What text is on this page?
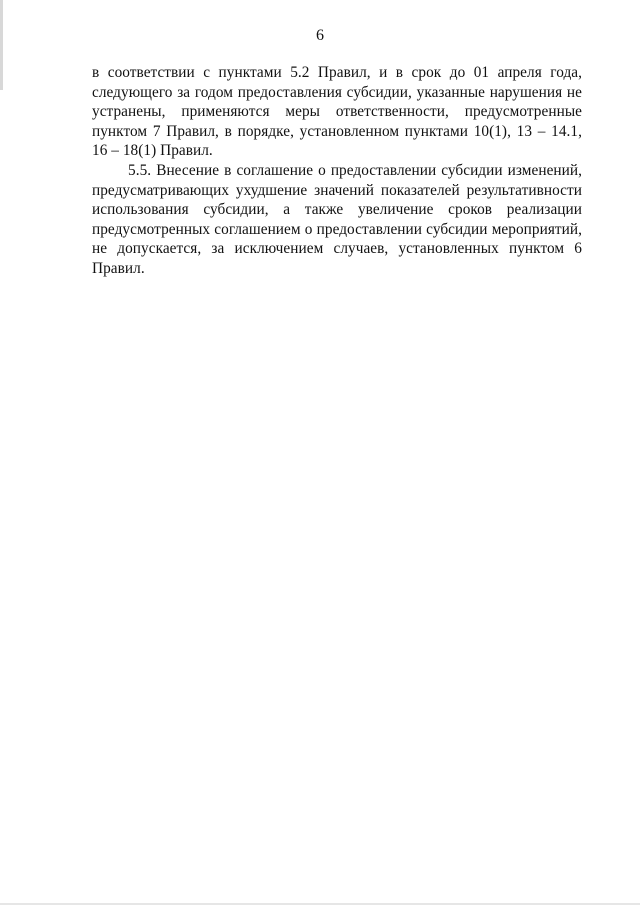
6

в соответствии с пунктами 5.2 Правил, и в срок до 01 апреля года, следующего за годом предоставления субсидии, указанные нарушения не устранены, применяются меры ответственности, предусмотренные пунктом 7 Правил, в порядке, установленном пунктами 10(1), 13 – 14.1, 16 – 18(1) Правил.

5.5. Внесение в соглашение о предоставлении субсидии изменений, предусматривающих ухудшение значений показателей результативности использования субсидии, а также увеличение сроков реализации предусмотренных соглашением о предоставлении субсидии мероприятий, не допускается, за исключением случаев, установленных пунктом 6 Правил.
